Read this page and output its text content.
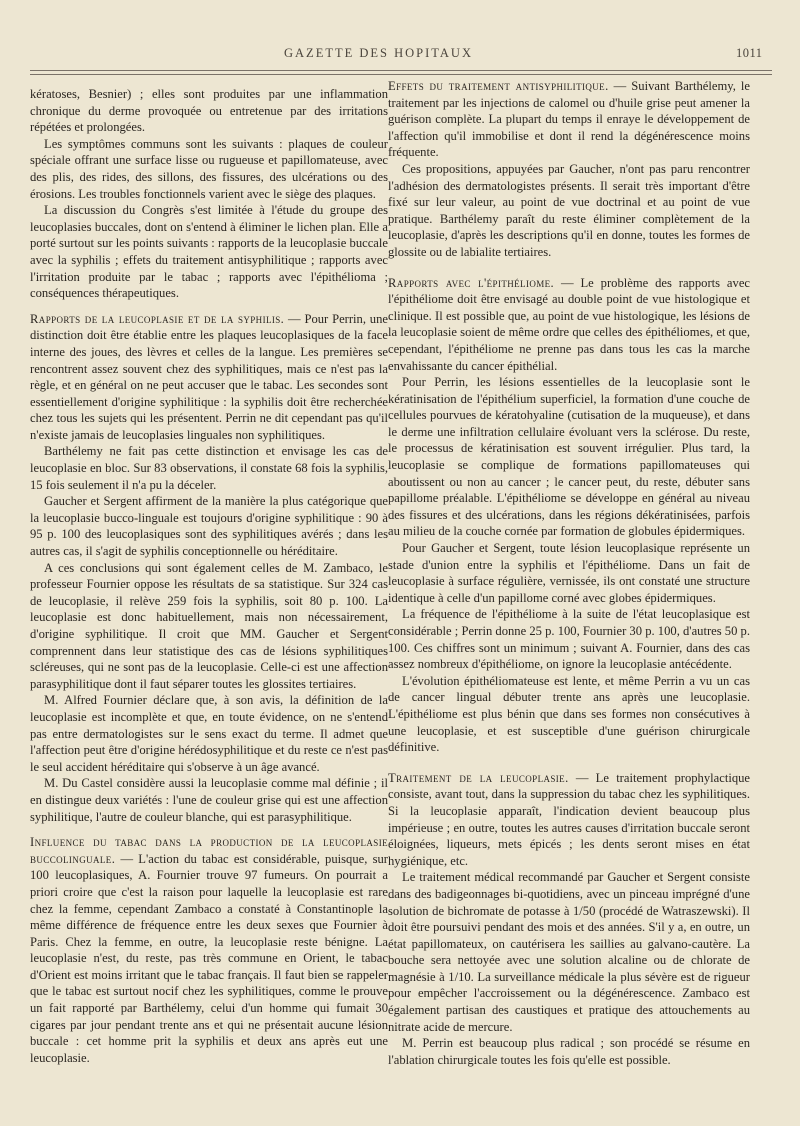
GAZETTE DES HOPITAUX	1011

kératoses, Besnier) ; elles sont produites par une inflammation chronique du derme provoquée ou entretenue par des irritations répétées et prolongées.

Les symptômes communs sont les suivants : plaques de couleur spéciale offrant une surface lisse ou rugueuse et papillomateuse, avec des plis, des rides, des sillons, des fissures, des ulcérations ou des érosions. Les troubles fonctionnels varient avec le siège des plaques.

La discussion du Congrès s'est limitée à l'étude du groupe des leucoplasies buccales, dont on s'entend à éliminer le lichen plan. Elle a porté surtout sur les points suivants : rapports de la leucoplasie buccale avec la syphilis ; effets du traitement antisyphilitique ; rapports avec l'irritation produite par le tabac ; rapports avec l'épithélioma ; conséquences thérapeutiques.

Rapports de la leucoplasie et de la syphilis. — Pour Perrin, une distinction doit être établie entre les plaques leucoplasiques de la face interne des joues, des lèvres et celles de la langue. Les premières se rencontrent assez souvent chez des syphilitiques, mais ce n'est pas la règle, et en général on ne peut accuser que le tabac. Les secondes sont essentiellement d'origine syphilitique : la syphilis doit être recherchée chez tous les sujets qui les présentent. Perrin ne dit cependant pas qu'il n'existe jamais de leucoplasies linguales non syphilitiques.

Barthélemy ne fait pas cette distinction et envisage les cas de leucoplasie en bloc. Sur 83 observations, il constate 68 fois la syphilis, 15 fois seulement il n'a pu la déceler.

Gaucher et Sergent affirment de la manière la plus catégorique que la leucoplasie bucco-linguale est toujours d'origine syphilitique : 90 à 95 p. 100 des leucoplasiques sont des syphilitiques avérés ; dans les autres cas, il s'agit de syphilis conceptionnelle ou héréditaire.

A ces conclusions qui sont également celles de M. Zambaco, le professeur Fournier oppose les résultats de sa statistique. Sur 324 cas de leucoplasie, il relève 259 fois la syphilis, soit 80 p. 100. La leucoplasie est donc habituellement, mais non nécessairement, d'origine syphilitique. Il croit que MM. Gaucher et Sergent comprennent dans leur statistique des cas de lésions syphilitiques scléreuses, qui ne sont pas de la leucoplasie. Celle-ci est une affection parasyphilitique dont il faut séparer toutes les glossites tertiaires.

M. Alfred Fournier déclare que, à son avis, la définition de la leucoplasie est incomplète et que, en toute évidence, on ne s'entend pas entre dermatologistes sur le sens exact du terme. Il admet que l'affection peut être d'origine hérédosyphilitique et du reste ce n'est pas le seul accident héréditaire qui s'observe à un âge avancé.

M. Du Castel considère aussi la leucoplasie comme mal définie ; il en distingue deux variétés : l'une de couleur grise qui est une affection syphilitique, l'autre de couleur blanche, qui est parasyphilitique.

Influence du tabac dans la production de la leucoplasie buccolinguale. — L'action du tabac est considérable, puisque, sur 100 leucoplasiques, A. Fournier trouve 97 fumeurs. On pourrait a priori croire que c'est la raison pour laquelle la leucoplasie est rare chez la femme, cependant Zambaco a constaté à Constantinople la même différence de fréquence entre les deux sexes que Fournier à Paris. Chez la femme, en outre, la leucoplasie reste bénigne. La leucoplasie n'est, du reste, pas très commune en Orient, le tabac d'Orient est moins irritant que le tabac français. Il faut bien se rappeler que le tabac est surtout nocif chez les syphilitiques, comme le prouve un fait rapporté par Barthélemy, celui d'un homme qui fumait 30 cigares par jour pendant trente ans et qui ne présentait aucune lésion buccale : cet homme prit la syphilis et deux ans après eut une leucoplasie.

Effets du traitement antisyphilitique. — Suivant Barthélemy, le traitement par les injections de calomel ou d'huile grise peut amener la guérison complète. La plupart du temps il enraye le développement de l'affection qu'il immobilise et dont il rend la dégénérescence moins fréquente.

Ces propositions, appuyées par Gaucher, n'ont pas paru rencontrer l'adhésion des dermatologistes présents. Il serait très important d'être fixé sur leur valeur, au point de vue doctrinal et au point de vue pratique. Barthélemy paraît du reste éliminer complètement de la leucoplasie, d'après les descriptions qu'il en donne, toutes les formes de glossite ou de labialite tertiaires.

Rapports avec l'épithéliome. — Le problème des rapports avec l'épithéliome doit être envisagé au double point de vue histologique et clinique. Il est possible que, au point de vue histologique, les lésions de la leucoplasie soient de même ordre que celles des épithéliomes, et que, cependant, l'épithéliome ne prenne pas dans tous les cas la marche envahissante du cancer épithélial.

Pour Perrin, les lésions essentielles de la leucoplasie sont le kératinisation de l'épithélium superficiel, la formation d'une couche de cellules pourvues de kératohyaline (cutisation de la muqueuse), et dans le derme une infiltration cellulaire évoluant vers la sclérose. Du reste, le processus de kératinisation est souvent irrégulier. Plus tard, la leucoplasie se complique de formations papillomateuses qui aboutissent ou non au cancer ; le cancer peut, du reste, débuter sans papillome préalable. L'épithéliome se développe en général au niveau des fissures et des ulcérations, dans les régions dékératinisées, parfois au milieu de la couche cornée par formation de globules épidermiques.

Pour Gaucher et Sergent, toute lésion leucoplasique représente un stade d'union entre la syphilis et l'épithéliome. Dans un fait de leucoplasie à surface régulière, vernissée, ils ont constaté une structure identique à celle d'un papillome corné avec globes épidermiques.

La fréquence de l'épithéliome à la suite de l'état leucoplasique est considérable ; Perrin donne 25 p. 100, Fournier 30 p. 100, d'autres 50 p. 100. Ces chiffres sont un minimum ; suivant A. Fournier, dans des cas assez nombreux d'épithéliome, on ignore la leucoplasie antécédente.

L'évolution épithéliomateuse est lente, et même Perrin a vu un cas de cancer lingual débuter trente ans après une leucoplasie. L'épithéliome est plus bénin que dans ses formes non consécutives à une leucoplasie, et est susceptible d'une guérison chirurgicale définitive.

Traitement de la leucoplasie. — Le traitement prophylactique consiste, avant tout, dans la suppression du tabac chez les syphilitiques. Si la leucoplasie apparaît, l'indication devient beaucoup plus impérieuse ; en outre, toutes les autres causes d'irritation buccale seront éloignées, liqueurs, mets épicés ; les dents seront mises en état hygiénique, etc.

Le traitement médical recommandé par Gaucher et Sergent consiste dans des badigeonnages bi-quotidiens, avec un pinceau imprégné d'une solution de bichromate de potasse à 1/50 (procédé de Watraszewski). Il doit être poursuivi pendant des mois et des années. S'il y a, en outre, un état papillomateux, on cautérisera les saillies au galvano-cautère. La bouche sera nettoyée avec une solution alcaline ou de chlorate de magnésie à 1/10. La surveillance médicale la plus sévère est de rigueur pour empêcher l'accroissement ou la dégénérescence. Zambaco est également partisan des caustiques et pratique des attouchements au nitrate acide de mercure.

M. Perrin est beaucoup plus radical ; son procédé se résume en l'ablation chirurgicale toutes les fois qu'elle est possible.
